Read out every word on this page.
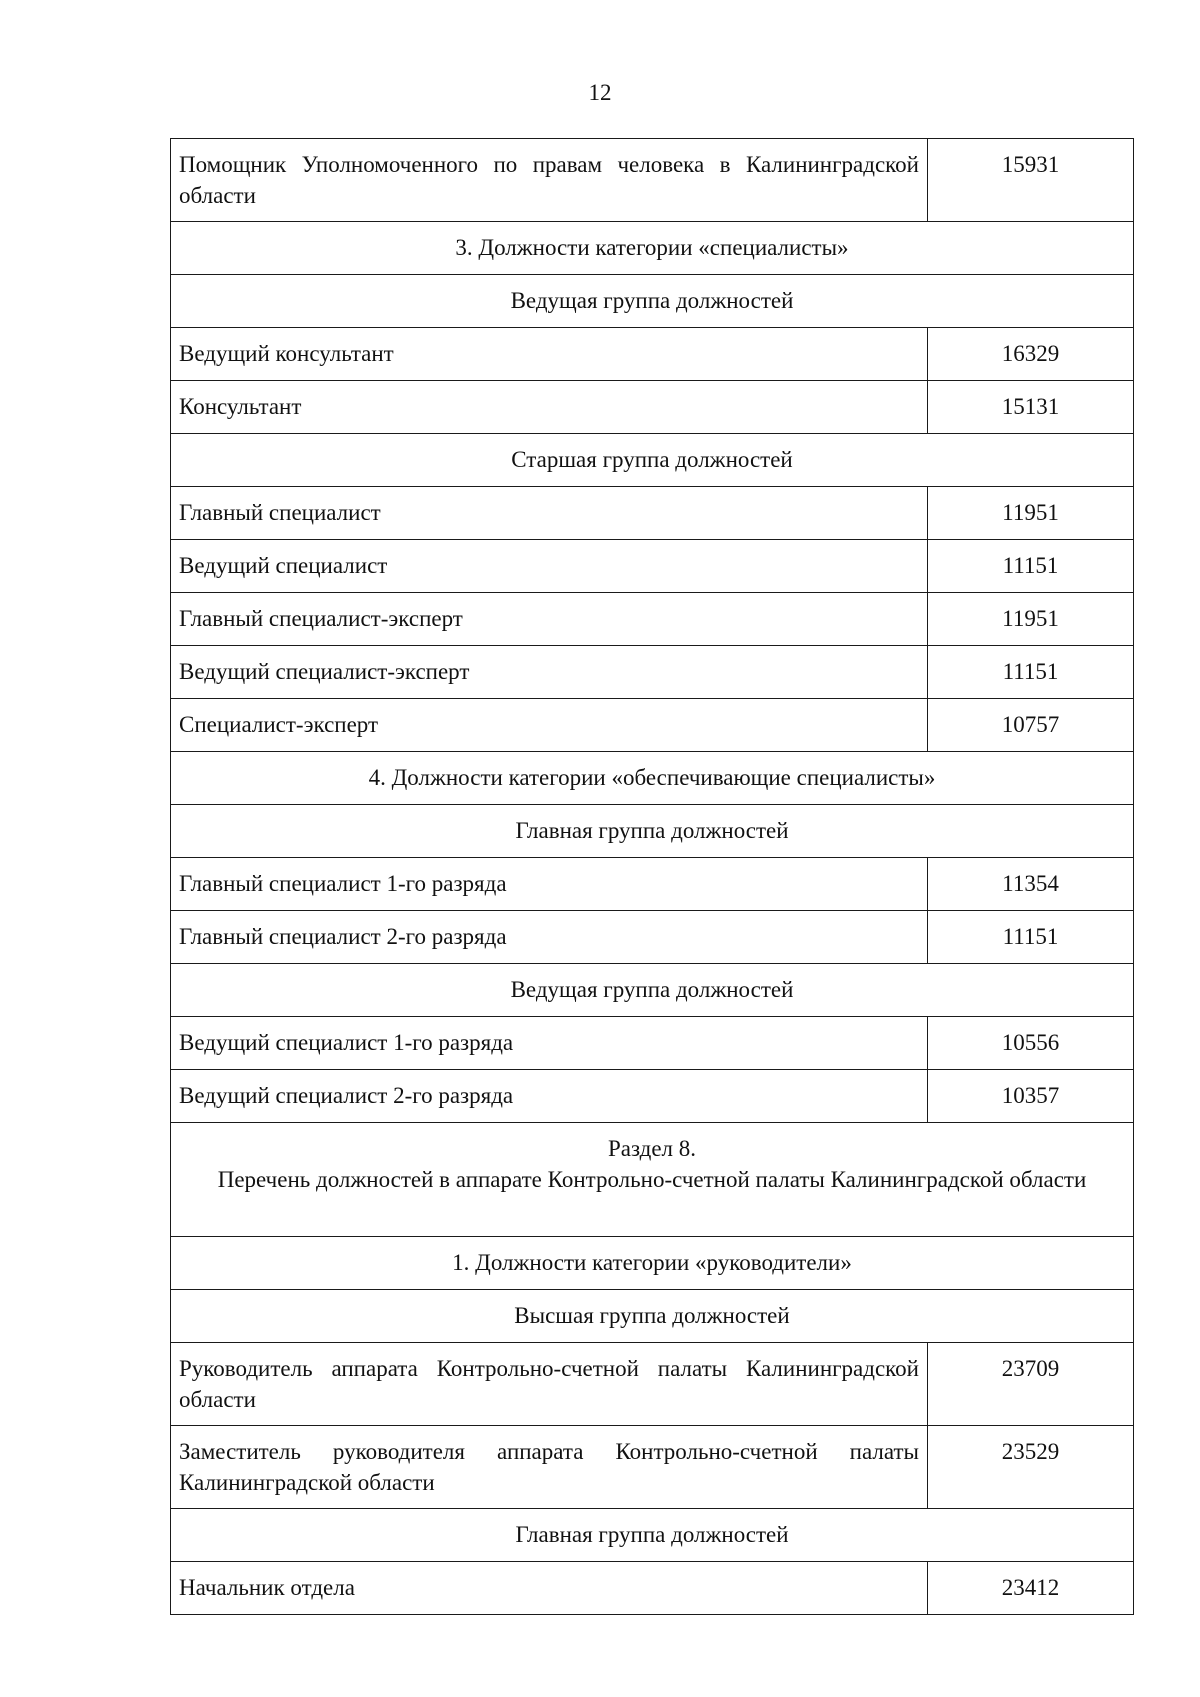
12
Помощник Уполномоченного по правам человека в Калининградской области	15931
3. Должности категории «специалисты»	
Ведущая группа должностей	
Ведущий консультант	16329
Консультант	15131
Старшая группа должностей	
Главный специалист	11951
Ведущий специалист	11151
Главный специалист-эксперт	11951
Ведущий специалист-эксперт	11151
Специалист-эксперт	10757
4. Должности категории «обеспечивающие специалисты»	
Главная группа должностей	
Главный специалист 1-го разряда	11354
Главный специалист 2-го разряда	11151
Ведущая группа должностей	
Ведущий специалист 1-го разряда	10556
Ведущий специалист 2-го разряда	10357

Раздел 8.
Перечень должностей в аппарате Контрольно-счетной палаты Калининградской области	

1. Должности категории «руководители»	
Высшая группа должностей	
Руководитель аппарата Контрольно-счетной палаты Калининградской области	23709
Заместитель руководителя аппарата Контрольно-счетной палаты Калининградской области	23529
Главная группа должностей	
Начальник отдела	23412
